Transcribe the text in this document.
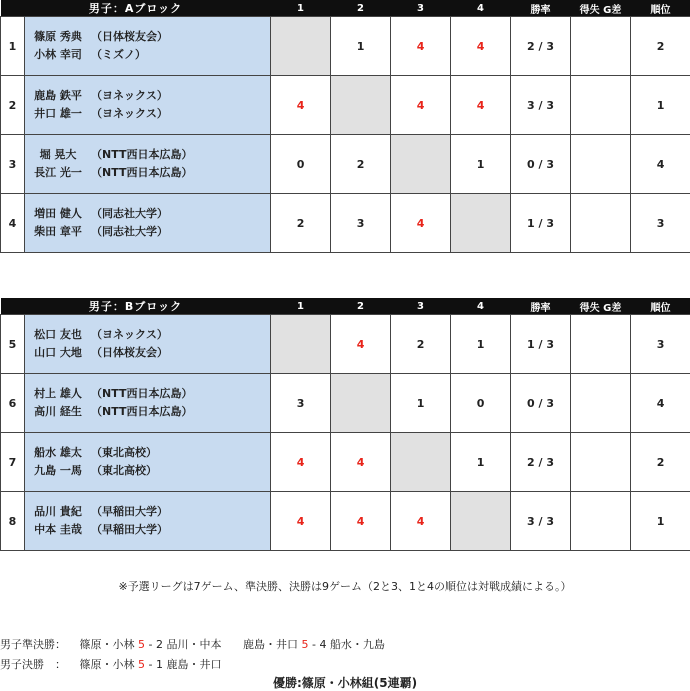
男子：Aブロック		1	2	3	4	勝率	得失 G差	順位
1	篠原 秀典 （日体桜友会）
小林 幸司 （ミズノ）		1	4	4	2 / 3		2
2	鹿島 鉄平 （ヨネックス）
井口 雄一 （ヨネックス）	4		4	4	3 / 3		1
3	堀 晃大 （NTT西日本広島）
長江 光一 （NTT西日本広島）	0	2		1	0 / 3		4
4	増田 健人 （同志社大学）
柴田 章平 （同志社大学）	2	3	4		1 / 3		3
男子：Bブロック		1	2	3	4	勝率	得失 G差	順位
5	松口 友也 （ヨネックス）
山口 大地 （日体桜友会）		4	2	1	1 / 3		3
6	村上 雄人 （NTT西日本広島）
高川 経生 （NTT西日本広島）	3		1	0	0 / 3		4
7	船水 雄太 （東北高校）
九島 一馬 （東北高校）	4	4		1	2 / 3		2
8	品川 貴紀 （早稲田大学）
中本 圭哉 （早稲田大学）	4	4	4		3 / 3		1
※予選リーグは7ゲーム、準決勝、決勝は9ゲーム（2と3、1と4の順位は対戦成績による。）
男子準決勝： 篠原・小林 5 - 2 品川・中本 鹿島・井口 5 - 4 船水・九島
男子決勝　： 篠原・小林 5 - 1 鹿島・井口
優勝:篠原・小林組(5連覇)
